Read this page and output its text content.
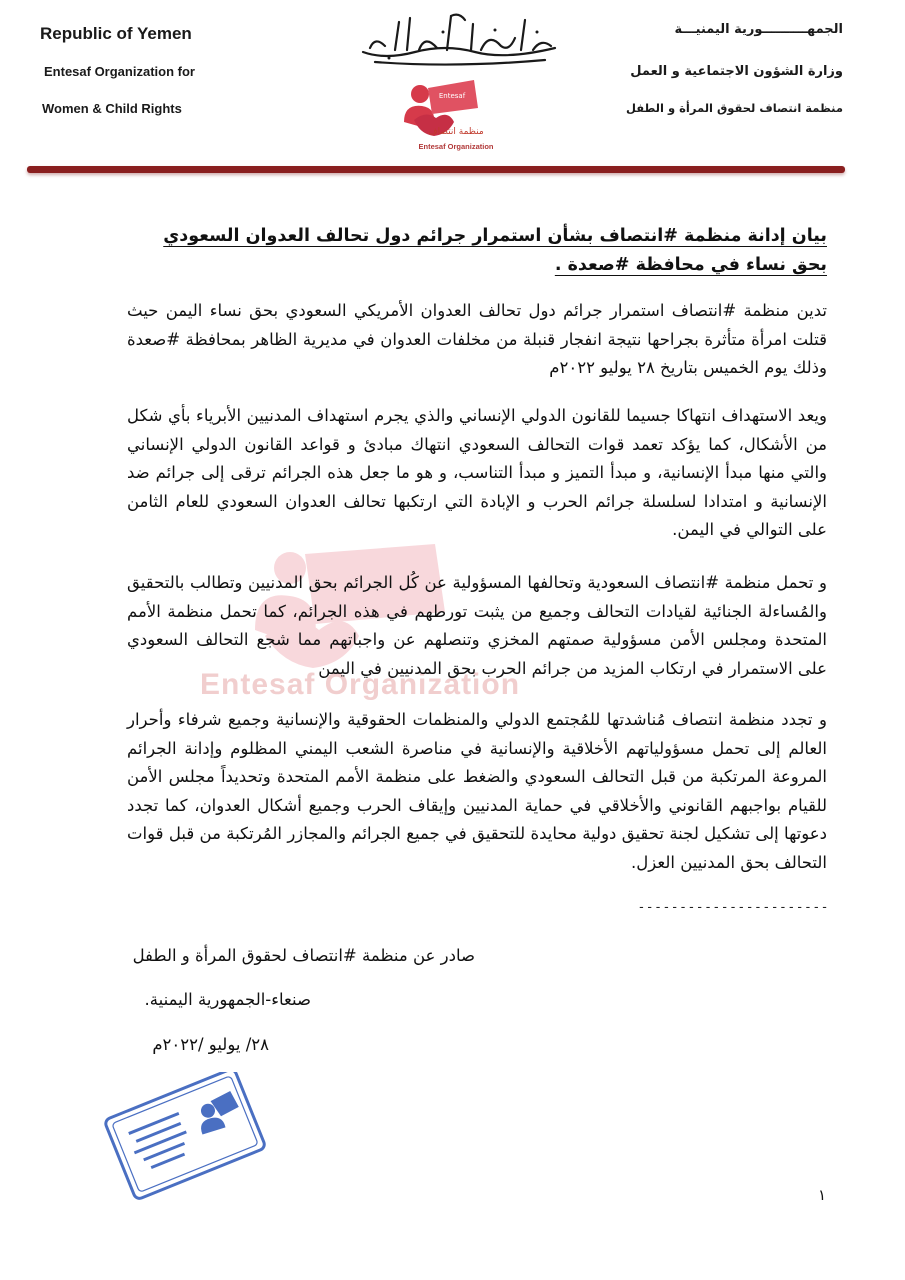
Republic of Yemen
Entesaf Organization for
Women & Child Rights
Entesaf
منظمة انتصاف
Entesaf Organization
الجمهــــــــــورية اليمنيـــة
وزارة الشؤون الاجتماعية و العمل
منظمة انتصاف لحقوق المرأة و الطفل
Entesaf Organization
بيان إدانة منظمة #انتصاف بشأن استمرار جرائم دول تحالف العدوان السعودي بحق نساء في محافظة #صعدة .
تدين منظمة #انتصاف استمرار جرائم دول تحالف العدوان الأمريكي السعودي بحق نساء اليمن حيث قتلت امرأة متأثرة بجراحها نتيجة انفجار قنبلة من مخلفات العدوان في مديرية الظاهر بمحافظة #صعدة وذلك يوم الخميس بتاريخ ٢٨ يوليو ٢٠٢٢م
ويعد الاستهداف انتهاكا جسيما للقانون الدولي الإنساني والذي يجرم استهداف المدنيين الأبرياء بأي شكل من الأشكال، كما يؤكد تعمد قوات التحالف السعودي انتهاك مبادئ و قواعد القانون الدولي الإنساني والتي منها مبدأ الإنسانية، و مبدأ التميز و مبدأ التناسب، و هو ما جعل هذه الجرائم ترقى إلى جرائم ضد الإنسانية و امتدادا لسلسلة جرائم الحرب و الإبادة التي ارتكبها تحالف العدوان السعودي للعام الثامن على التوالي في اليمن.
و تحمل منظمة #انتصاف السعودية وتحالفها المسؤولية عن كُل الجرائم بحق المدنيين وتطالب بالتحقيق والمُساءلة الجنائية لقيادات التحالف وجميع من يثبت تورطهم في هذه الجرائم، كما تحمل منظمة الأمم المتحدة ومجلس الأمن مسؤولية صمتهم المخزي وتنصلهم عن واجباتهم مما شجع التحالف السعودي على الاستمرار في ارتكاب المزيد من جرائم الحرب بحق المدنيين في اليمن
و تجدد منظمة انتصاف مُناشدتها للمُجتمع الدولي والمنظمات الحقوقية والإنسانية وجميع شرفاء وأحرار العالم إلى تحمل مسؤولياتهم الأخلاقية والإنسانية في مناصرة الشعب اليمني المظلوم وإدانة الجرائم المروعة المرتكبة من قبل التحالف السعودي والضغط على منظمة الأمم المتحدة وتحديداً مجلس الأمن للقيام بواجبهم القانوني والأخلاقي في حماية المدنيين وإيقاف الحرب وجميع أشكال العدوان، كما تجدد دعوتها إلى تشكيل لجنة تحقيق دولية محايدة للتحقيق في جميع الجرائم والمجازر المُرتكبة من قبل قوات التحالف بحق المدنيين العزل.
-----------------------
صادر عن منظمة #انتصاف لحقوق المرأة و الطفل
صنعاء-الجمهورية اليمنية.
٢٨/ يوليو /٢٠٢٢م
١
